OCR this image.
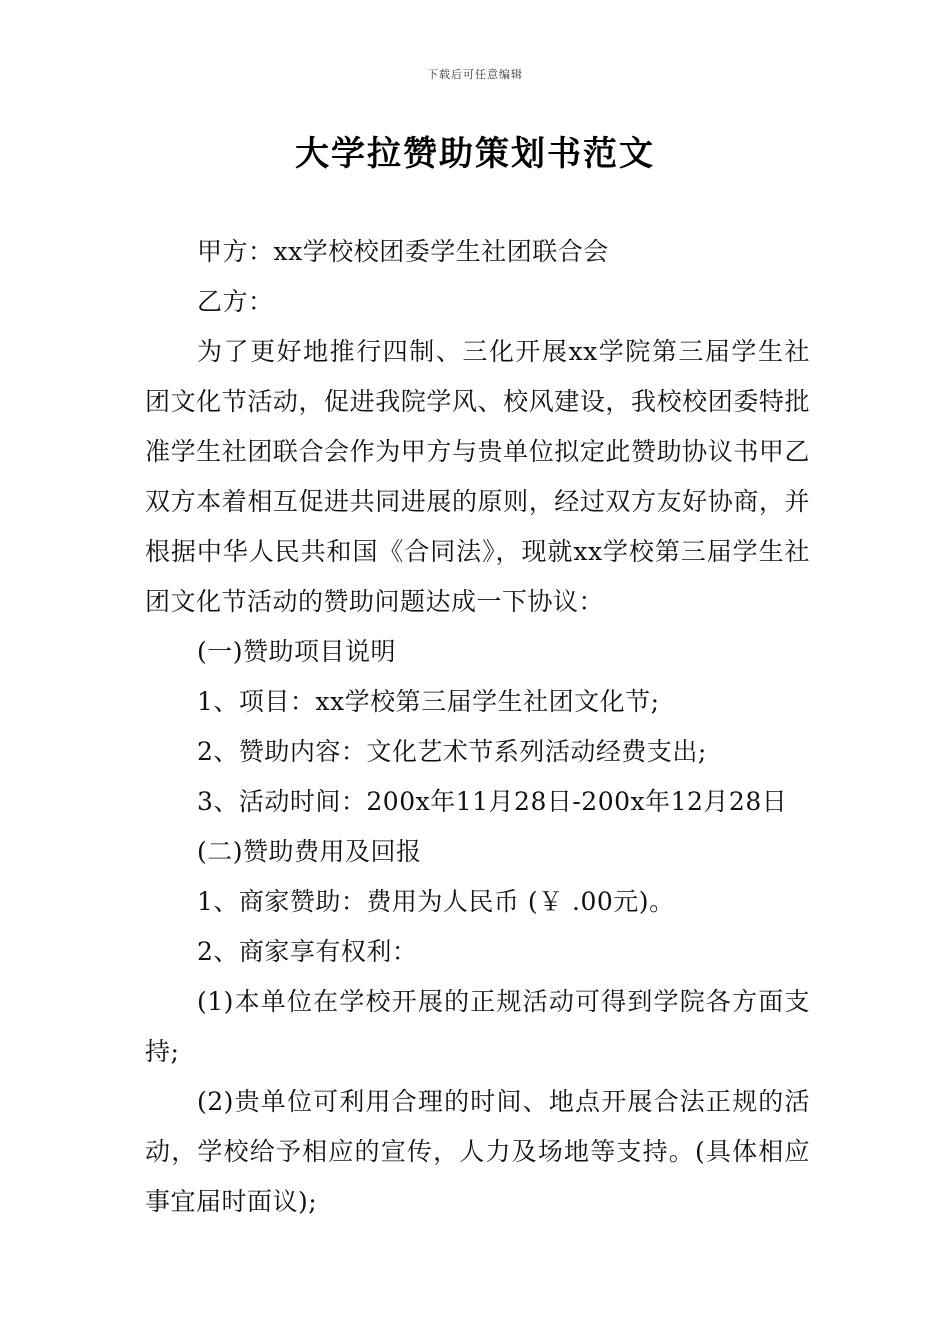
下载后可任意编辑
大学拉赞助策划书范文

甲方：xx学校校团委学生社团联合会

乙方：

为了更好地推行四制、三化开展xx学院第三届学生社团文化节活动，促进我院学风、校风建设，我校校团委特批准学生社团联合会作为甲方与贵单位拟定此赞助协议书甲乙双方本着相互促进共同进展的原则，经过双方友好协商，并根据中华人民共和国《合同法》，现就xx学校第三届学生社团文化节活动的赞助问题达成一下协议：

(一)赞助项目说明

1、项目：xx学校第三届学生社团文化节;

2、赞助内容：文化艺术节系列活动经费支出;

3、活动时间：200x年11月28日-200x年12月28日

(二)赞助费用及回报

1、商家赞助：费用为人民币 (￥ .00元)。

2、商家享有权利：

(1)本单位在学校开展的正规活动可得到学院各方面支持;

(2)贵单位可利用合理的时间、地点开展合法正规的活动，学校给予相应的宣传，人力及场地等支持。(具体相应事宜届时面议);
